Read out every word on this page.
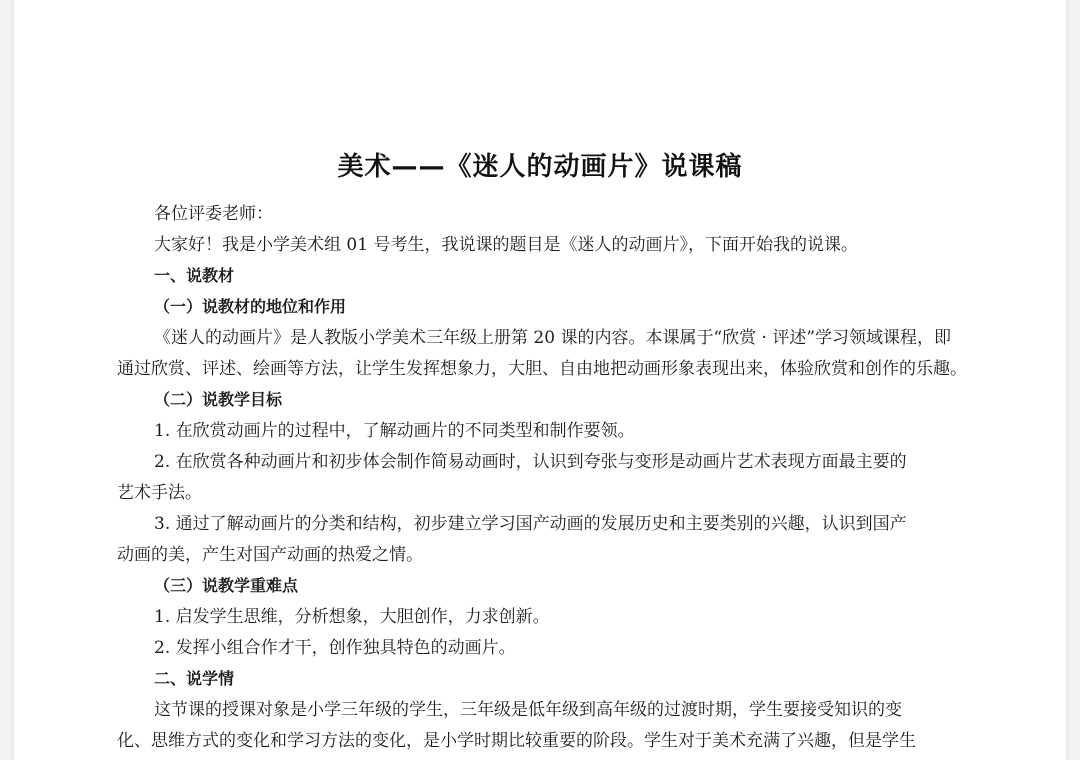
美术——《迷人的动画片》说课稿
各位评委老师：
大家好！我是小学美术组 01 号考生，我说课的题目是《迷人的动画片》，下面开始我的说课。
一、说教材
（一）说教材的地位和作用
《迷人的动画片》是人教版小学美术三年级上册第 20 课的内容。本课属于“欣赏 · 评述”学习领域课程，即
通过欣赏、评述、绘画等方法，让学生发挥想象力，大胆、自由地把动画形象表现出来，体验欣赏和创作的乐趣。
（二）说教学目标
1. 在欣赏动画片的过程中，了解动画片的不同类型和制作要领。
2. 在欣赏各种动画片和初步体会制作简易动画时，认识到夸张与变形是动画片艺术表现方面最主要的
艺术手法。
3. 通过了解动画片的分类和结构，初步建立学习国产动画的发展历史和主要类别的兴趣，认识到国产
动画的美，产生对国产动画的热爱之情。
（三）说教学重难点
1. 启发学生思维，分析想象，大胆创作，力求创新。
2. 发挥小组合作才干，创作独具特色的动画片。
二、说学情
这节课的授课对象是小学三年级的学生，三年级是低年级到高年级的过渡时期，学生要接受知识的变
化、思维方式的变化和学习方法的变化，是小学时期比较重要的阶段。学生对于美术充满了兴趣，但是学生
